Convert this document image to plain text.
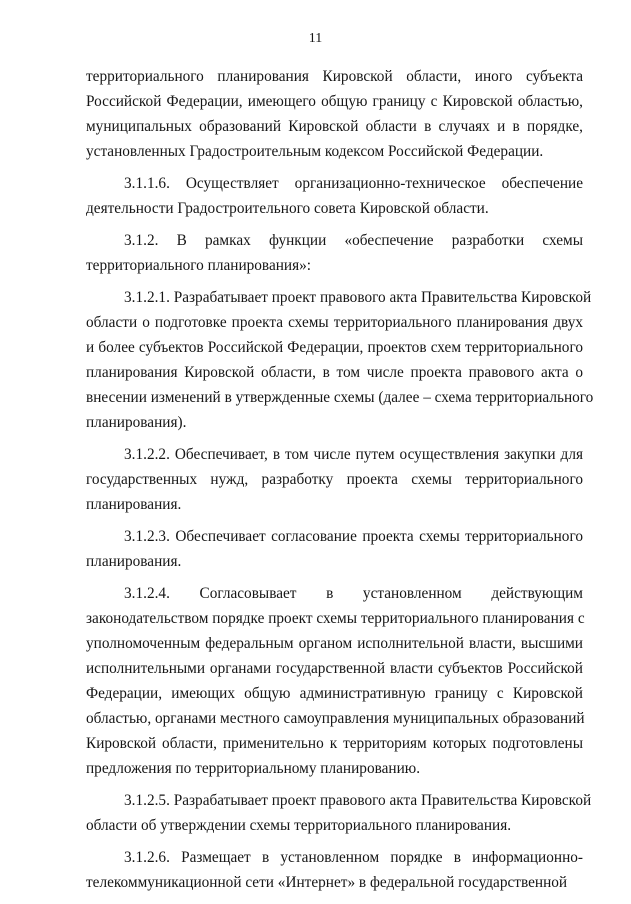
11
территориального планирования Кировской области, иного субъекта
Российской Федерации, имеющего общую границу с Кировской областью,
муниципальных образований Кировской области в случаях и в порядке,
установленных Градостроительным кодексом Российской Федерации.
3.1.1.6. Осуществляет организационно-техническое обеспечение
деятельности Градостроительного совета Кировской области.
3.1.2. В рамках функции «обеспечение разработки схемы
территориального планирования»:
3.1.2.1. Разрабатывает проект правового акта Правительства Кировской
области о подготовке проекта схемы территориального планирования двух
и более субъектов Российской Федерации, проектов схем территориального
планирования Кировской области, в том числе проекта правового акта о
внесении изменений в утвержденные схемы (далее – схема территориального
планирования).
3.1.2.2. Обеспечивает, в том числе путем осуществления закупки для
государственных нужд, разработку проекта схемы территориального
планирования.
3.1.2.3. Обеспечивает согласование проекта схемы территориального
планирования.
3.1.2.4. Согласовывает в установленном действующим
законодательством порядке проект схемы территориального планирования с
уполномоченным федеральным органом исполнительной власти, высшими
исполнительными органами государственной власти субъектов Российской
Федерации, имеющих общую административную границу с Кировской
областью, органами местного самоуправления муниципальных образований
Кировской области, применительно к территориям которых подготовлены
предложения по территориальному планированию.
3.1.2.5. Разрабатывает проект правового акта Правительства Кировской
области об утверждении схемы территориального планирования.
3.1.2.6. Размещает в установленном порядке в информационно-
телекоммуникационной сети «Интернет» в федеральной государственной
